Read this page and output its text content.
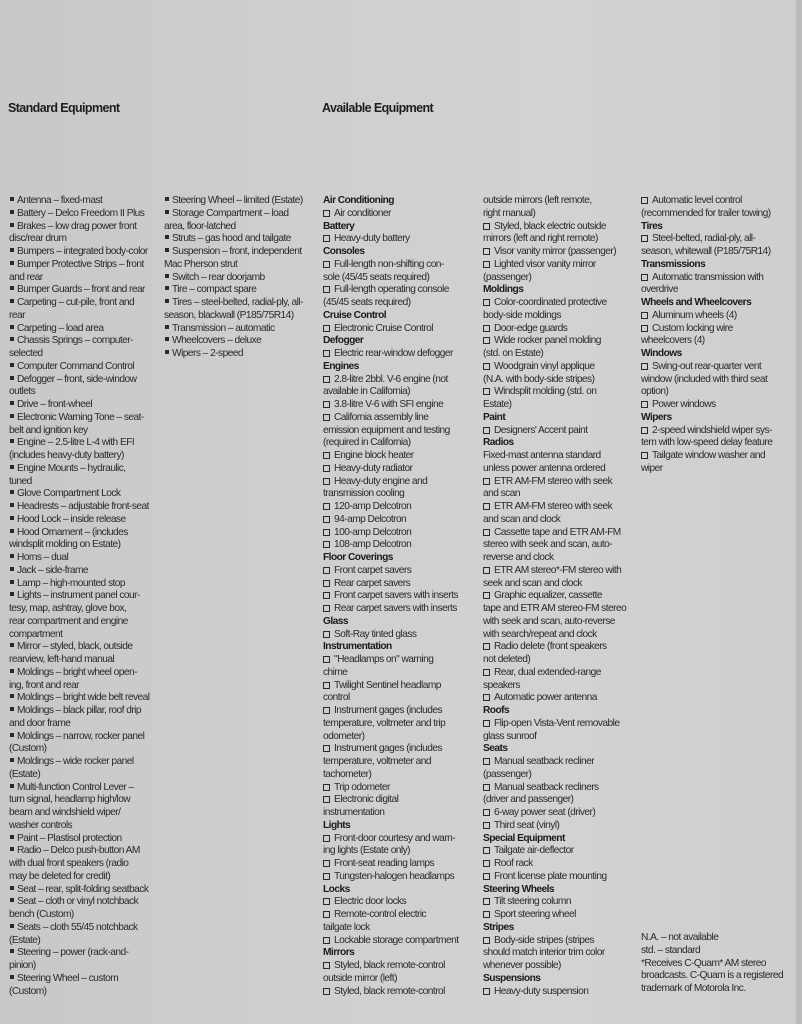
Standard Equipment	Available Equipment
Antenna – fixed-mast
Battery – Delco Freedom II Plus
Brakes – low drag power front
disc/rear drum
Bumpers – integrated body-color
Bumper Protective Strips – front
and rear
Bumper Guards – front and rear
Carpeting – cut-pile, front and
rear
Carpeting – load area
Chassis Springs – computer-
selected
Computer Command Control
Defogger – front, side-window
outlets
Drive – front-wheel
Electronic Warning Tone – seat-
belt and ignition key
Engine – 2.5-litre L-4 with EFI
(includes heavy-duty battery)
Engine Mounts – hydraulic,
tuned
Glove Compartment Lock
Headrests – adjustable front-seat
Hood Lock – inside release
Hood Ornament – (includes
windsplit molding on Estate)
Horns – dual
Jack – side-frame
Lamp – high-mounted stop
Lights – instrument panel cour-
tesy, map, ashtray, glove box,
rear compartment and engine
compartment
Mirror – styled, black, outside
rearview, left-hand manual
Moldings – bright wheel open-
ing, front and rear
Moldings – bright wide belt reveal
Moldings – black pillar, roof drip
and door frame
Moldings – narrow, rocker panel
(Custom)
Moldings – wide rocker panel
(Estate)
Multi-function Control Lever –
turn signal, headlamp high/low
beam and windshield wiper/
washer controls
Paint – Plastisol protection
Radio – Delco push-button AM
with dual front speakers (radio
may be deleted for credit)
Seat – rear, split-folding seatback
Seat – cloth or vinyl notchback
bench (Custom)
Seats – cloth 55/45 notchback
(Estate)
Steering – power (rack-and-
pinion)
Steering Wheel – custom
(Custom)
Steering Wheel – limited (Estate)
Storage Compartment – load
area, floor-latched
Struts – gas hood and tailgate
Suspension – front, independent
Mac Pherson strut
Switch – rear doorjamb
Tire – compact spare
Tires – steel-belted, radial-ply, all-
season, blackwall (P185/75R14)
Transmission – automatic
Wheelcovers – deluxe
Wipers – 2-speed
Air Conditioning
Air conditioner
Battery
Heavy-duty battery
Consoles
Full-length non-shifting con-
sole (45/45 seats required)
Full-length operating console
(45/45 seats required)
Cruise Control
Electronic Cruise Control
Defogger
Electric rear-window defogger
Engines
2.8-litre 2bbl. V-6 engine (not
available in California)
3.8-litre V-6 with SFI engine
California assembly line
emission equipment and testing
(required in California)
Engine block heater
Heavy-duty radiator
Heavy-duty engine and
transmission cooling
120-amp Delcotron
94-amp Delcotron
100-amp Delcotron
108-amp Delcotron
Floor Coverings
Front carpet savers
Rear carpet savers
Front carpet savers with inserts
Rear carpet savers with inserts
Glass
Soft-Ray tinted glass
Instrumentation
"Headlamps on" warning
chime
Twilight Sentinel headlamp
control
Instrument gages (includes
temperature, voltmeter and trip
odometer)
Instrument gages (includes
temperature, voltmeter and
tachometer)
Trip odometer
Electronic digital
instrumentation
Lights
Front-door courtesy and warn-
ing lights (Estate only)
Front-seat reading lamps
Tungsten-halogen headlamps
Locks
Electric door locks
Remote-control electric
tailgate lock
Lockable storage compartment
Mirrors
Styled, black remote-control
outside mirror (left)
Styled, black remote-control
outside mirrors (left remote,
right manual)
Styled, black electric outside
mirrors (left and right remote)
Visor vanity mirror (passenger)
Lighted visor vanity mirror
(passenger)
Moldings
Color-coordinated protective
body-side moldings
Door-edge guards
Wide rocker panel molding
(std. on Estate)
Woodgrain vinyl applique
(N.A. with body-side stripes)
Windsplit molding (std. on
Estate)
Paint
Designers' Accent paint
Radios
Fixed-mast antenna standard
unless power antenna ordered
ETR AM-FM stereo with seek
and scan
ETR AM-FM stereo with seek
and scan and clock
Cassette tape and ETR AM-FM
stereo with seek and scan, auto-
reverse and clock
ETR AM stereo*-FM stereo with
seek and scan and clock
Graphic equalizer, cassette
tape and ETR AM stereo-FM stereo
with seek and scan, auto-reverse
with search/repeat and clock
Radio delete (front speakers
not deleted)
Rear, dual extended-range
speakers
Automatic power antenna
Roofs
Flip-open Vista-Vent removable
glass sunroof
Seats
Manual seatback recliner
(passenger)
Manual seatback recliners
(driver and passenger)
6-way power seat (driver)
Third seat (vinyl)
Special Equipment
Tailgate air-deflector
Roof rack
Front license plate mounting
Steering Wheels
Tilt steering column
Sport steering wheel
Stripes
Body-side stripes (stripes
should match interior trim color
whenever possible)
Suspensions
Heavy-duty suspension
Automatic level control
(recommended for trailer towing)
Tires
Steel-belted, radial-ply, all-
season, whitewall (P185/75R14)
Transmissions
Automatic transmission with
overdrive
Wheels and Wheelcovers
Aluminum wheels (4)
Custom locking wire
wheelcovers (4)
Windows
Swing-out rear-quarter vent
window (included with third seat
option)
Power windows
Wipers
2-speed windshield wiper sys-
tem with low-speed delay feature
Tailgate window washer and
wiper
N.A. – not available
std. – standard
*Receives C-Quam* AM stereo
broadcasts. C-Quam is a registered
trademark of Motorola Inc.
